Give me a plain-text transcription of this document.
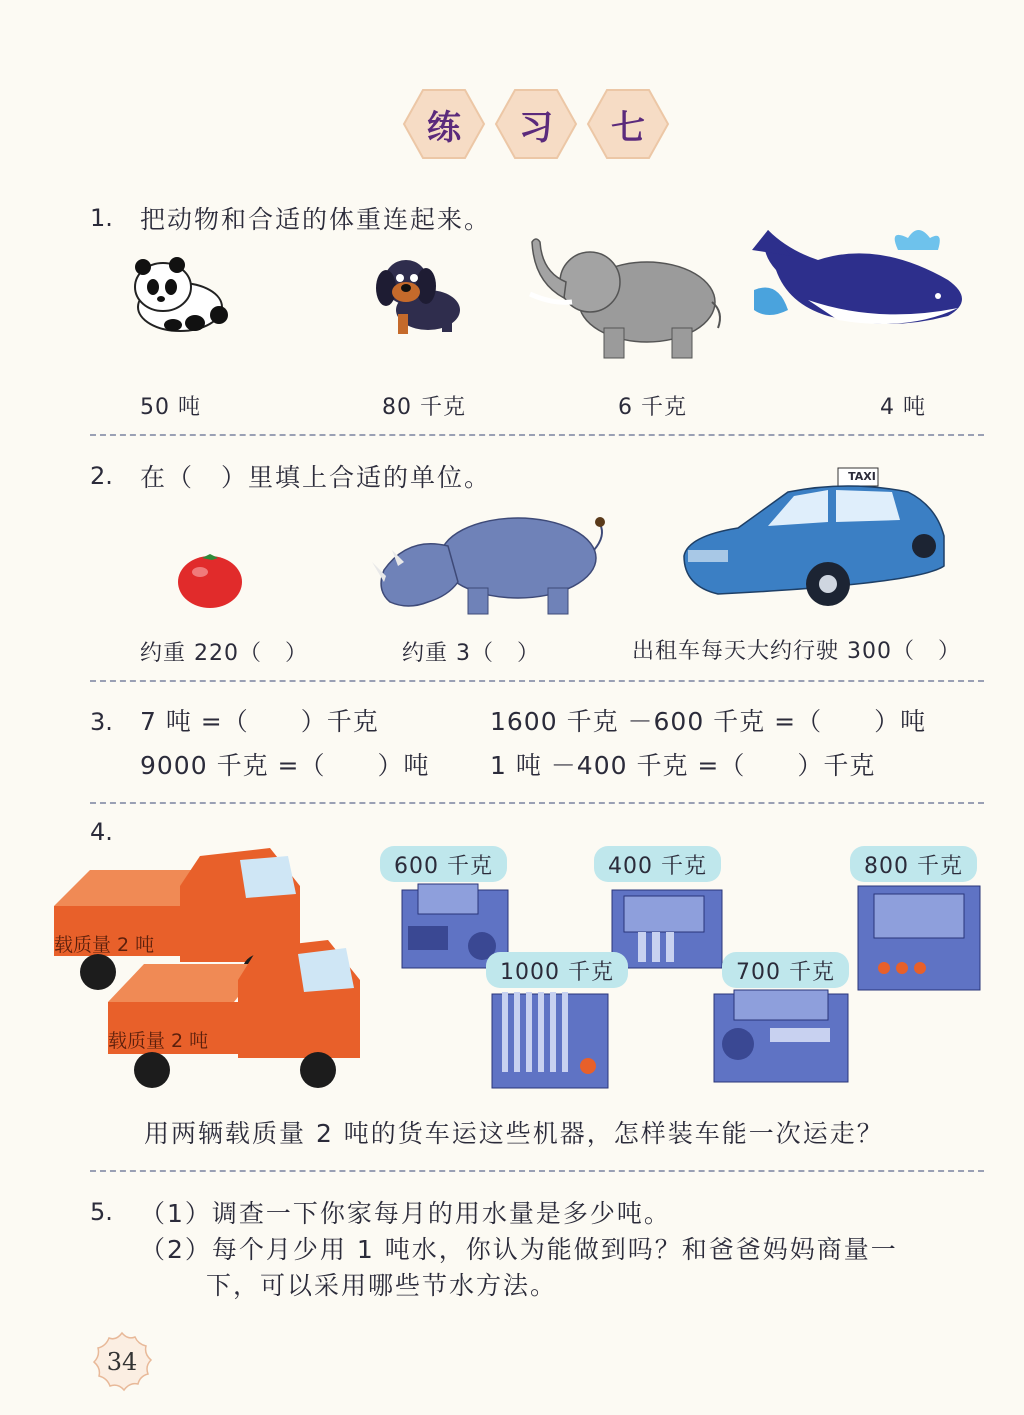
练 习 七
1. 把动物和合适的体重连起来。
50 吨	80 千克	6 千克	4 吨
2. 在（　）里填上合适的单位。	TAXI
约重 220（　）	约重 3（　）	出租车每天大约行驶 300（　）
3. 7 吨 =（　　）千克	1600 千克 －600 千克 =（　　）吨
9000 千克 =（　　）吨 1 吨 －400 千克 =（　　）千克
4.
载质量 2 吨
载质量 2 吨
600 千克	400 千克	800 千克
1000 千克	700 千克
用两辆载质量 2 吨的货车运这些机器，怎样装车能一次运走？
5. （1）调查一下你家每月的用水量是多少吨。
（2）每个月少用 1 吨水，你认为能做到吗？和爸爸妈妈商量一
下，可以采用哪些节水方法。
34
